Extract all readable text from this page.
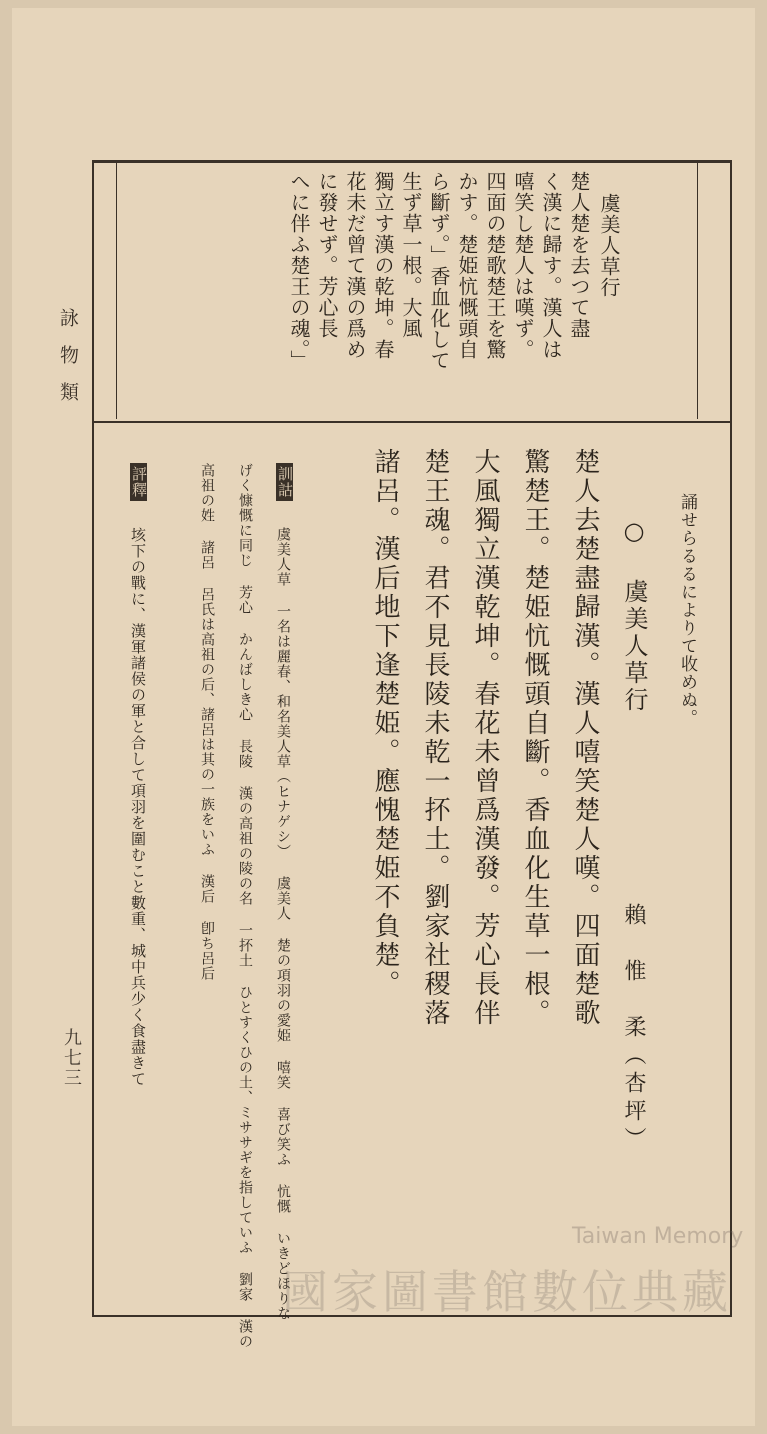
詠物類
九七三
虞美人草行
楚人楚を去つて盡
く漢に歸す。漢人は
嘻笑し楚人は嘆ず。
四面の楚歌楚王を驚
かす。楚姫忼慨頭自
ら斷ず。」香血化して
生ず草一根。大風
獨立す漢の乾坤。春
花未だ曾て漢の爲め
に發せず。芳心長
へに伴ふ楚王の魂。」
誦せらるるによりて收めぬ。
○ 虞美人草行
賴　惟　柔（杏坪）
楚人去楚盡歸漢。漢人嘻笑楚人嘆。四面楚歌
驚楚王。楚姫忼慨頭自斷。香血化生草一根。
大風獨立漢乾坤。春花未曾爲漢發。芳心長伴
楚王魂。君不見長陵未乾一抔土。劉家社稷落
諸呂。漢后地下逢楚姫。應愧楚姫不負楚。
訓詁
虞美人草 一名は麗春、和名美人草（ヒナゲシ） 虞美人 楚の項羽の愛姫 嘻笑 喜び笑ふ 忼慨 いきどほりな
げく慷慨に同じ 芳心 かんばしき心 長陵 漢の高祖の陵の名 一抔土 ひとすくひの土、ミササギを指していふ 劉家 漢の
高祖の姓 諸呂 呂氏は高祖の后、諸呂は其の一族をいふ 漢后 卽ち呂后
評釋
垓下の戰に、漢軍諸侯の軍と合して項羽を圍むこと數重、城中兵少く食盡きて
Taiwan Memory
國家圖書館數位典藏
